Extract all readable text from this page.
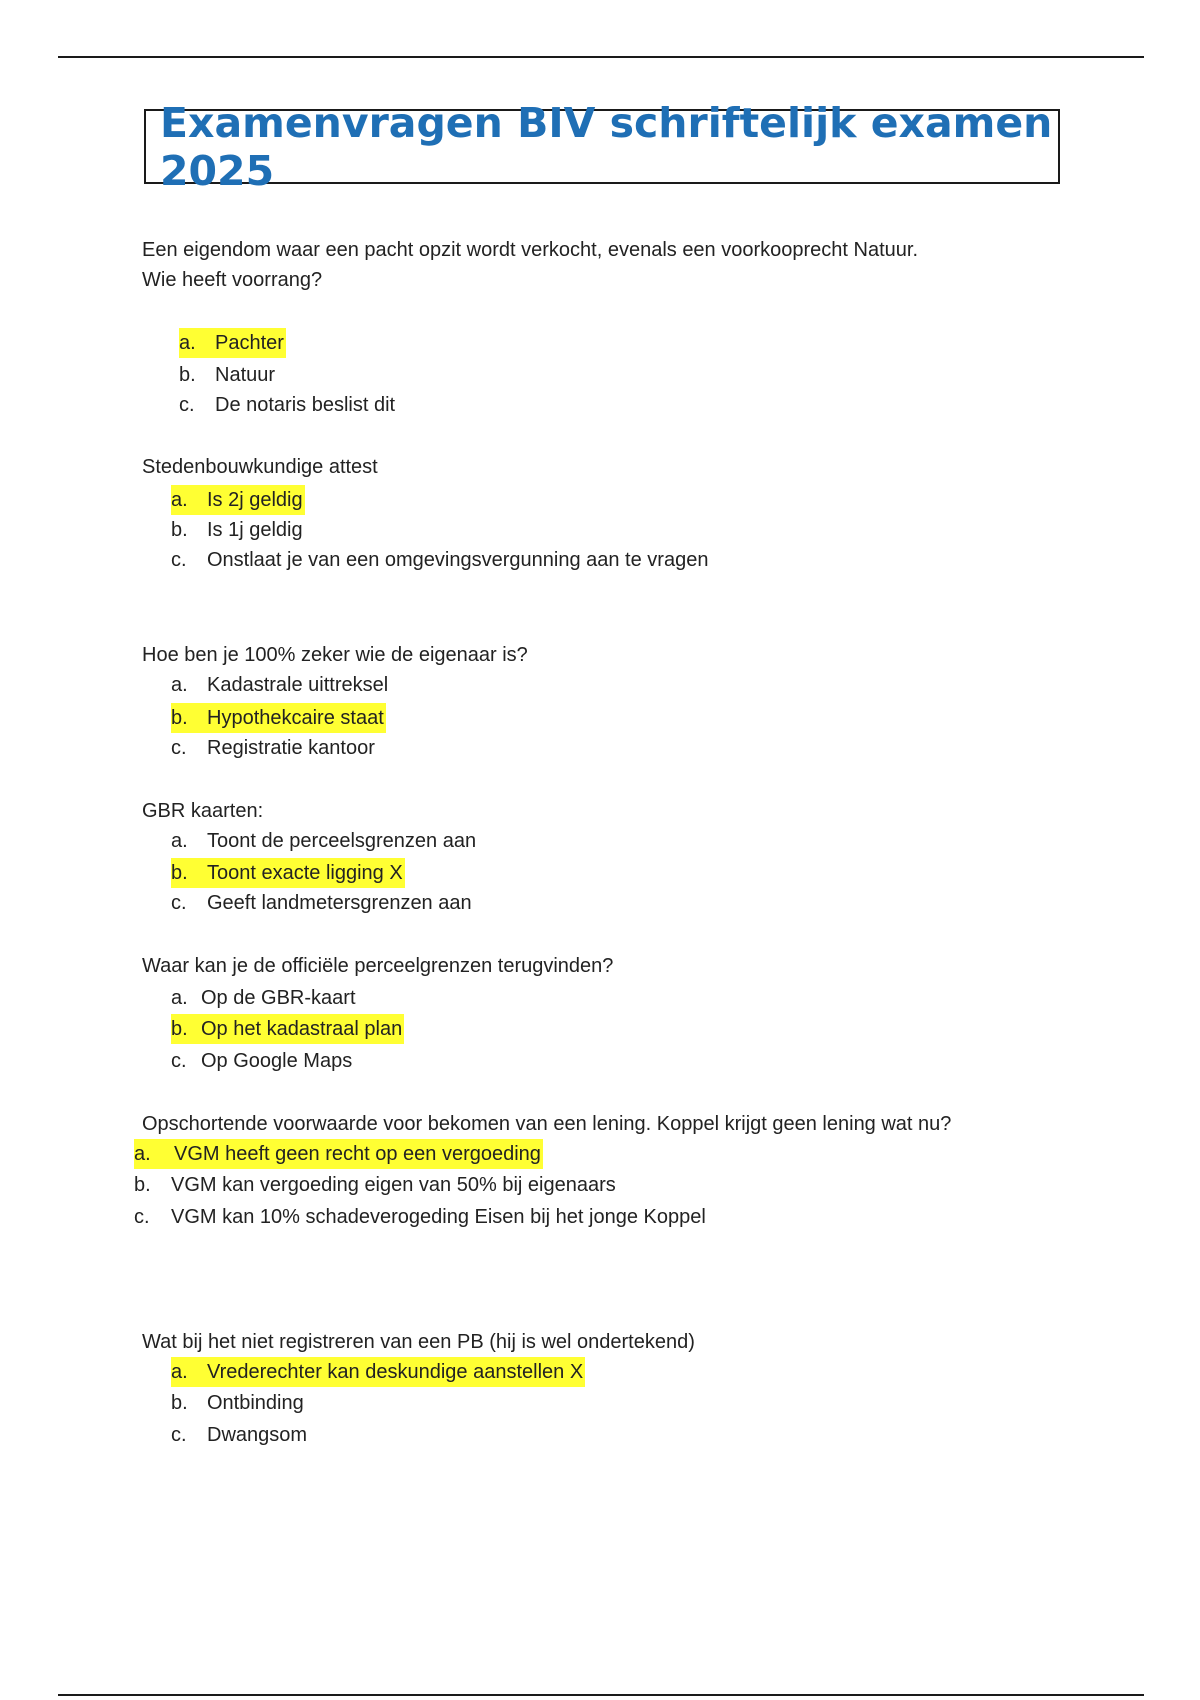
Examenvragen BIV schriftelijk examen 2025

Een eigendom waar een pacht opzit wordt verkocht, evenals een voorkooprecht Natuur.

Wie heeft voorrang?

a. Pachter
b. Natuur
c. De notaris beslist dit

Stedenbouwkundige attest

a. Is 2j geldig
b. Is 1j geldig
c. Onstlaat je van een omgevingsvergunning aan te vragen

Hoe ben je 100% zeker wie de eigenaar is?

a. Kadastrale uittreksel
b. Hypothekcaire staat
c. Registratie kantoor

GBR kaarten:

a. Toont de perceelsgrenzen aan
b. Toont exacte ligging X
c. Geeft landmetersgrenzen aan

Waar kan je de officiële perceelgrenzen terugvinden?

a. Op de GBR-kaart
b. Op het kadastraal plan
c. Op Google Maps

Opschortende voorwaarde voor bekomen van een lening. Koppel krijgt geen lening wat nu?

a. VGM heeft geen recht op een vergoeding
b. VGM kan vergoeding eigen van 50% bij eigenaars
c. VGM kan 10% schadeverogeding Eisen bij het jonge Koppel

Wat bij het niet registreren van een PB (hij is wel ondertekend)

a. Vrederechter kan deskundige aanstellen X
b. Ontbinding
c. Dwangsom
